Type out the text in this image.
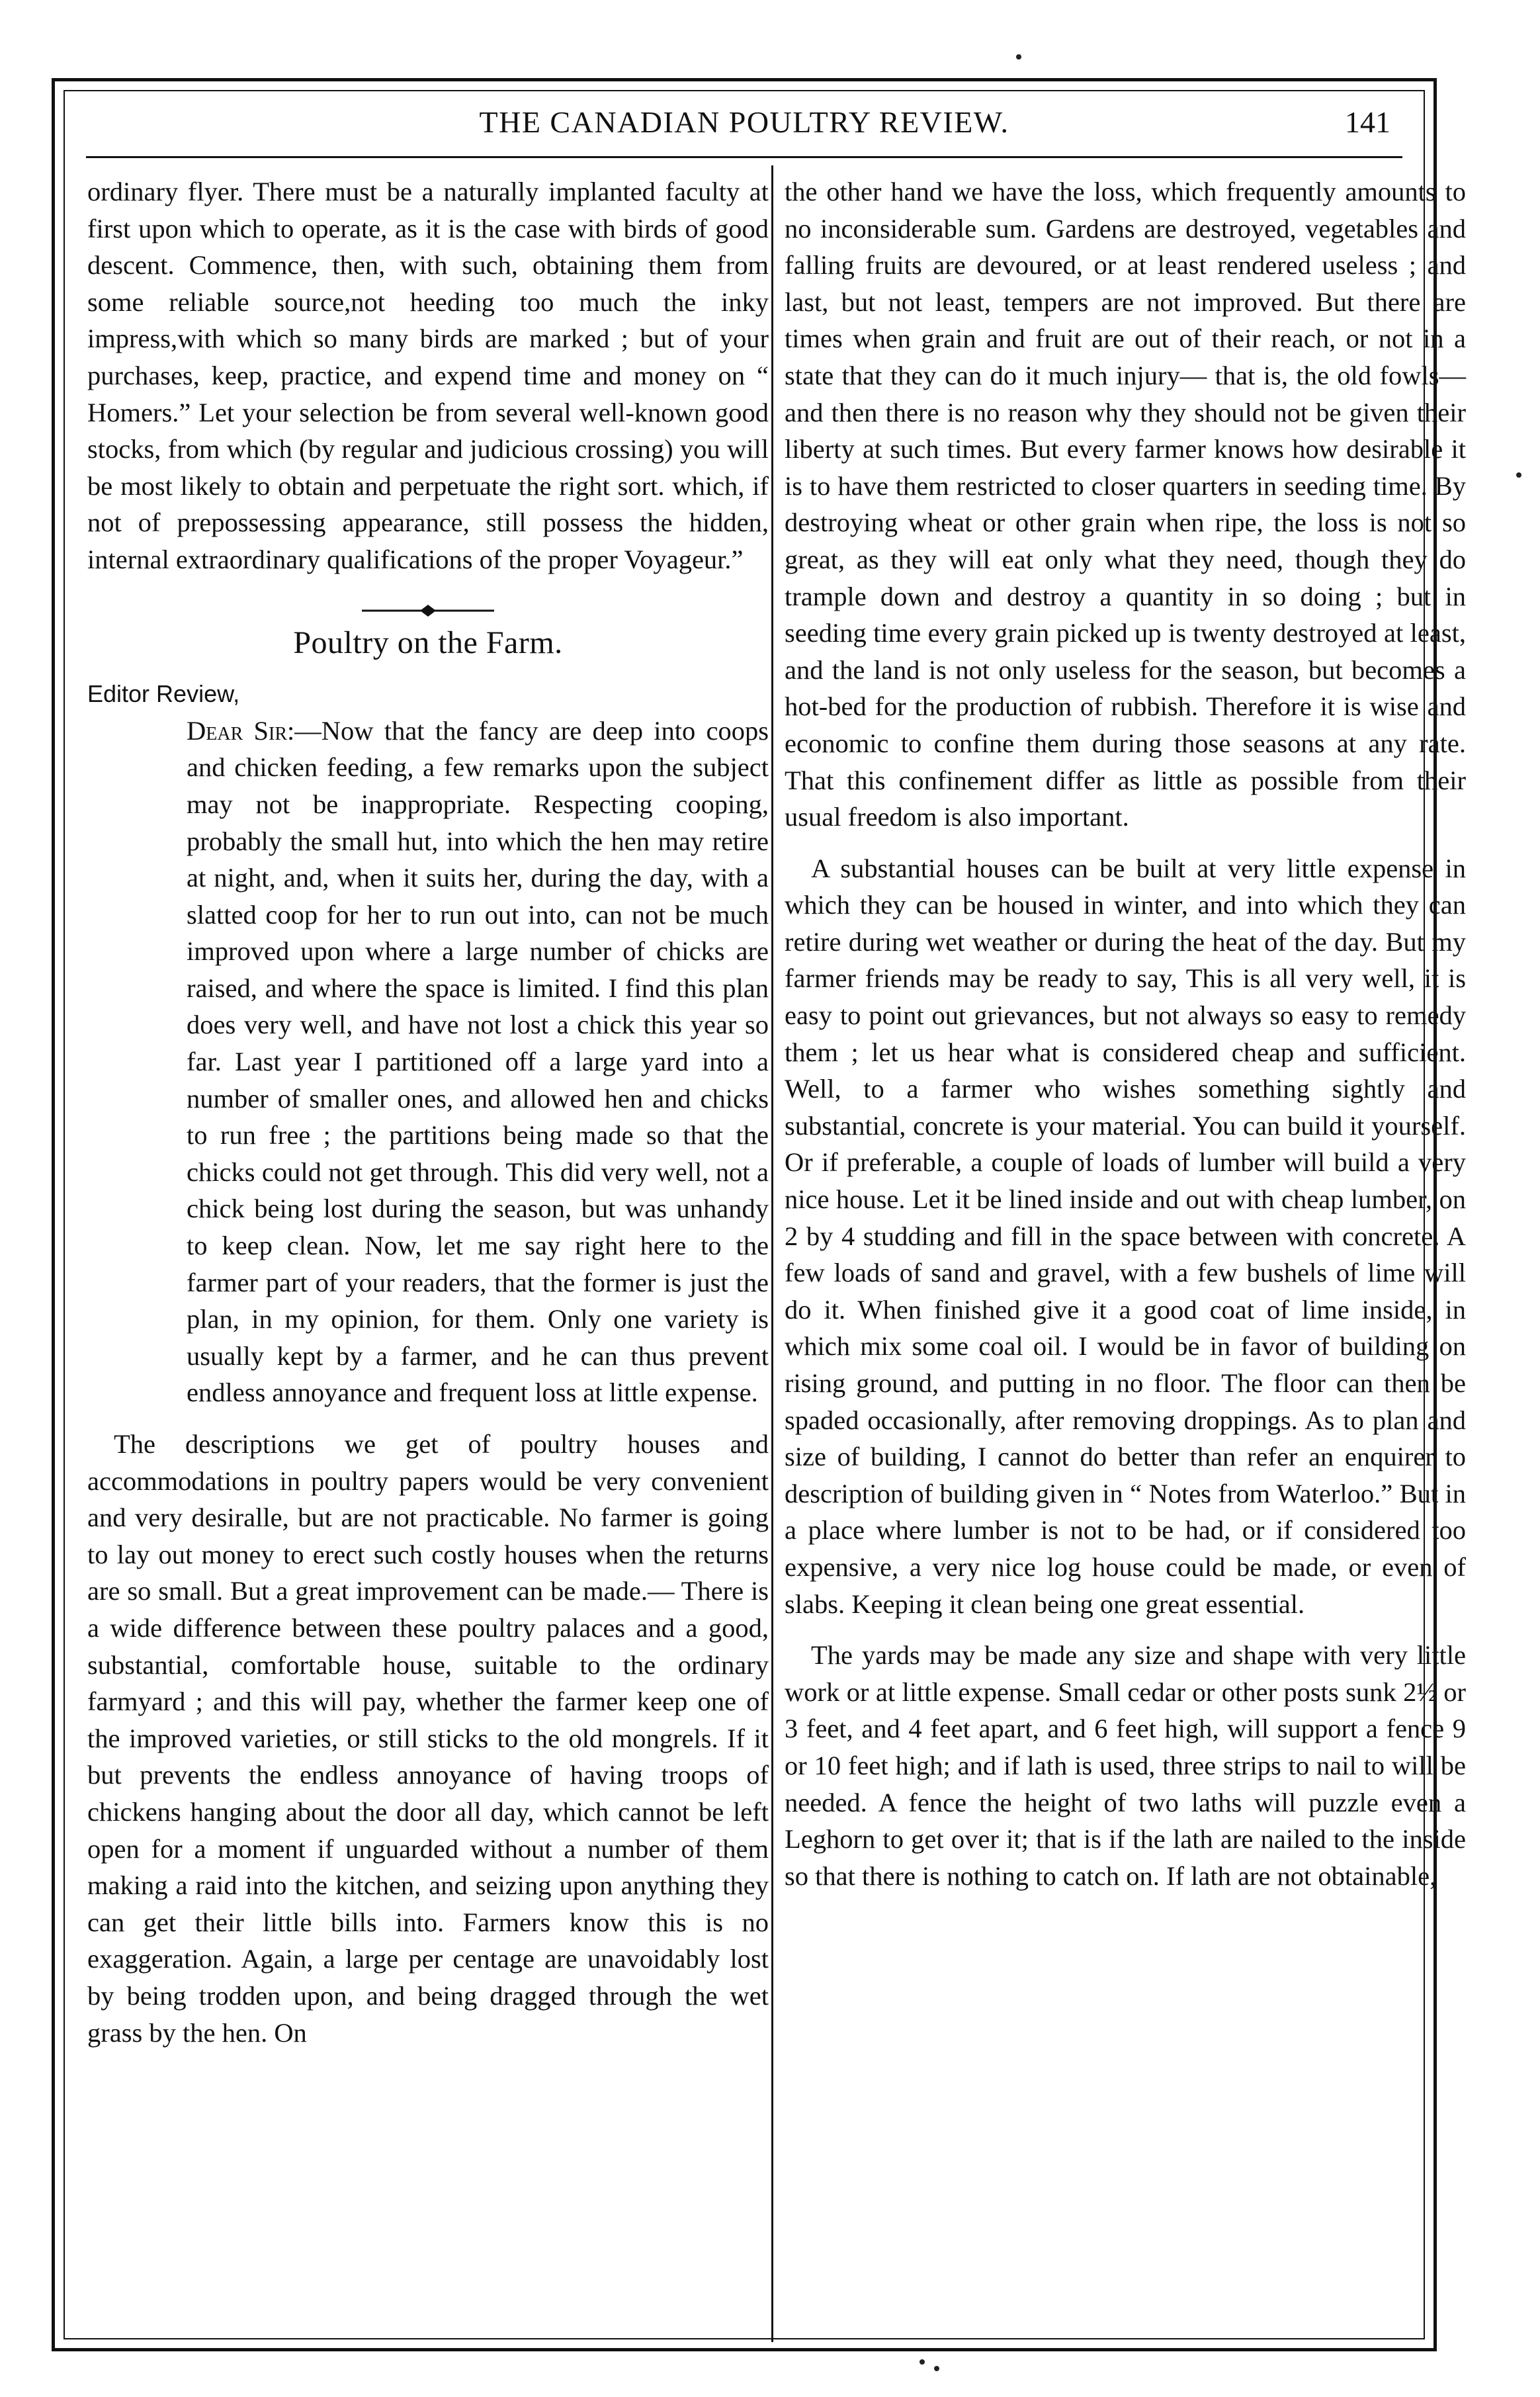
THE CANADIAN POULTRY REVIEW.	141

ordinary flyer. There must be a naturally implanted faculty at first upon which to operate, as it is the case with birds of good descent. Commence, then, with such, obtaining them from some reliable source,not heeding too much the inky impress,with which so many birds are marked ; but of your purchases, keep, practice, and expend time and money on “ Homers.” Let your selection be from several well-known good stocks, from which (by regular and judicious crossing) you will be most likely to obtain and perpetuate the right sort. which, if not of prepossessing appearance, still possess the hidden, internal extraordinary qualifications of the proper Voyageur.”

Poultry on the Farm.

Editor Review,

Dear Sir:—Now that the fancy are deep into coops and chicken feeding, a few remarks upon the subject may not be inappropriate. Respecting cooping, probably the small hut, into which the hen may retire at night, and, when it suits her, during the day, with a slatted coop for her to run out into, can not be much improved upon where a large number of chicks are raised, and where the space is limited. I find this plan does very well, and have not lost a chick this year so far. Last year I partitioned off a large yard into a number of smaller ones, and allowed hen and chicks to run free ; the partitions being made so that the chicks could not get through. This did very well, not a chick being lost during the season, but was unhandy to keep clean. Now, let me say right here to the farmer part of your readers, that the former is just the plan, in my opinion, for them. Only one variety is usually kept by a farmer, and he can thus prevent endless annoyance and frequent loss at little expense.

The descriptions we get of poultry houses and accommodations in poultry papers would be very convenient and very desiralle, but are not practicable. No farmer is going to lay out money to erect such costly houses when the returns are so small. But a great improvement can be made.— There is a wide difference between these poultry palaces and a good, substantial, comfortable house, suitable to the ordinary farmyard ; and this will pay, whether the farmer keep one of the improved varieties, or still sticks to the old mongrels. If it but prevents the endless annoyance of having troops of chickens hanging about the door all day, which cannot be left open for a moment if unguarded without a number of them making a raid into the kitchen, and seizing upon anything they can get their little bills into. Farmers know this is no exaggeration. Again, a large per centage are unavoidably lost by being trodden upon, and being dragged through the wet grass by the hen. On

the other hand we have the loss, which frequently amounts to no inconsiderable sum. Gardens are destroyed, vegetables and falling fruits are devoured, or at least rendered useless ; and last, but not least, tempers are not improved. But there are times when grain and fruit are out of their reach, or not in a state that they can do it much injury— that is, the old fowls—and then there is no reason why they should not be given their liberty at such times. But every farmer knows how desirable it is to have them restricted to closer quarters in seeding time. By destroying wheat or other grain when ripe, the loss is not so great, as they will eat only what they need, though they do trample down and destroy a quantity in so doing ; but in seeding time every grain picked up is twenty destroyed at least, and the land is not only useless for the season, but becomes a hot-bed for the production of rubbish. Therefore it is wise and economic to confine them during those seasons at any rate. That this confinement differ as little as possible from their usual freedom is also important.

A substantial houses can be built at very little expense in which they can be housed in winter, and into which they can retire during wet weather or during the heat of the day. But my farmer friends may be ready to say, This is all very well, it is easy to point out grievances, but not always so easy to remedy them ; let us hear what is considered cheap and sufficient. Well, to a farmer who wishes something sightly and substantial, concrete is your material. You can build it yourself. Or if preferable, a couple of loads of lumber will build a very nice house. Let it be lined inside and out with cheap lumber, on 2 by 4 studding and fill in the space between with concrete. A few loads of sand and gravel, with a few bushels of lime will do it. When finished give it a good coat of lime inside, in which mix some coal oil. I would be in favor of building on rising ground, and putting in no floor. The floor can then be spaded occasionally, after removing droppings. As to plan and size of building, I cannot do better than refer an enquirer to description of building given in “ Notes from Waterloo.” But in a place where lumber is not to be had, or if considered too expensive, a very nice log house could be made, or even of slabs. Keeping it clean being one great essential.

The yards may be made any size and shape with very little work or at little expense. Small cedar or other posts sunk 2½ or 3 feet, and 4 feet apart, and 6 feet high, will support a fence 9 or 10 feet high; and if lath is used, three strips to nail to will be needed. A fence the height of two laths will puzzle even a Leghorn to get over it; that is if the lath are nailed to the inside so that there is nothing to catch on. If lath are not obtainable,
